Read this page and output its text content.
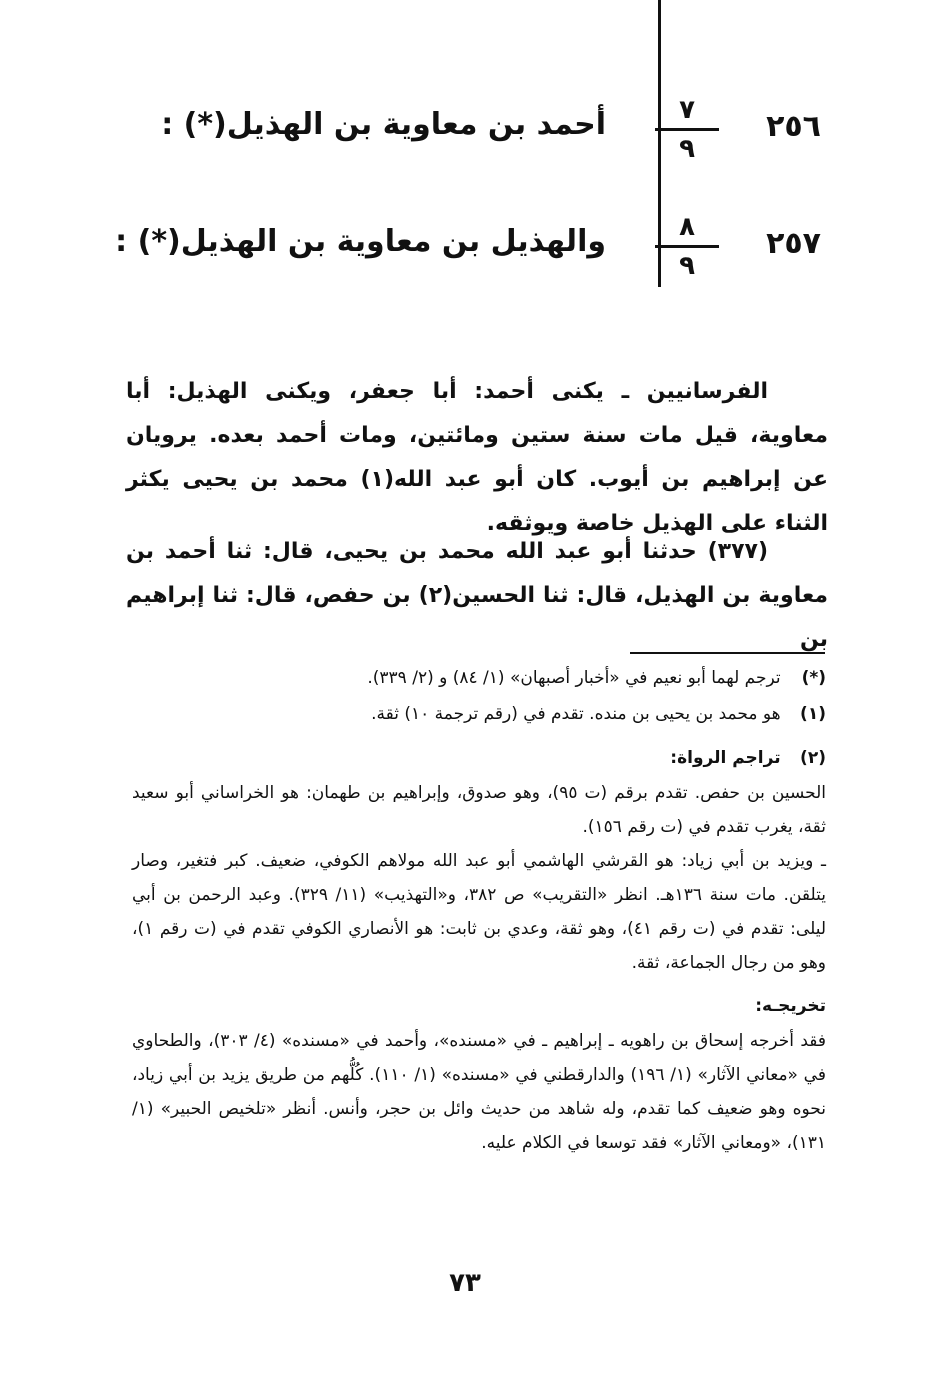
٢٥٦
٧
٩
أحمد بن معاوية بن الهذيل(*) :
٢٥٧
٨
٩
والهذيل بن معاوية بن الهذيل(*) :
الفرسانيين ـ يكنى أحمد: أبا جعفر، ويكنى الهذيل: أبا معاوية، قيل مات سنة ستين ومائتين، ومات أحمد بعده. يرويان عن إبراهيم بن أيوب. كان أبو عبد الله(١) محمد بن يحيى يكثر الثناء على الهذيل خاصة ويوثقه.
(٣٧٧) حدثنا أبو عبد الله محمد بن يحيى، قال: ثنا أحمد بن معاوية بن الهذيل، قال: ثنا الحسين(٢) بن حفص، قال: ثنا إبراهيم بن
(*) ترجم لهما أبو نعيم في «أخبار أصبهان» (١/ ٨٤) و (٢/ ٣٣٩).
(١) هو محمد بن يحيى بن منده. تقدم في (رقم ترجمة ١٠) ثقة.
(٢) تراجم الرواة:
الحسين بن حفص. تقدم برقم (ت ٩٥)، وهو صدوق، وإبراهيم بن طهمان: هو الخراساني أبو سعيد ثقة، يغرب تقدم في (ت رقم ١٥٦).
ـ ويزيد بن أبي زياد: هو القرشي الهاشمي أبو عبد الله مولاهم الكوفي، ضعيف. كبر فتغير، وصار يتلقن. مات سنة ١٣٦هـ. انظر «التقريب» ص ٣٨٢، و«التهذيب» (١١/ ٣٢٩). وعبد الرحمن بن أبي ليلى: تقدم في (ت رقم ٤١)، وهو ثقة، وعدي بن ثابت: هو الأنصاري الكوفي تقدم في (ت رقم ١)، وهو من رجال الجماعة، ثقة.
تخريجـه:
فقد أخرجه إسحاق بن راهويه ـ إبراهيم ـ في «مسنده»، وأحمد في «مسنده» (٤/ ٣٠٣)، والطحاوي في «معاني الآثار» (١/ ١٩٦) والدارقطني في «مسنده» (١/ ١١٠). كُلُّهم من طريق يزيد بن أبي زياد، نحوه وهو ضعيف كما تقدم، وله شاهد من حديث وائل بن حجر، وأنس. أنظر «تلخيص الحبير» (١/ ١٣١)، «ومعاني الآثار» فقد توسعا في الكلام عليه.
٧٣
